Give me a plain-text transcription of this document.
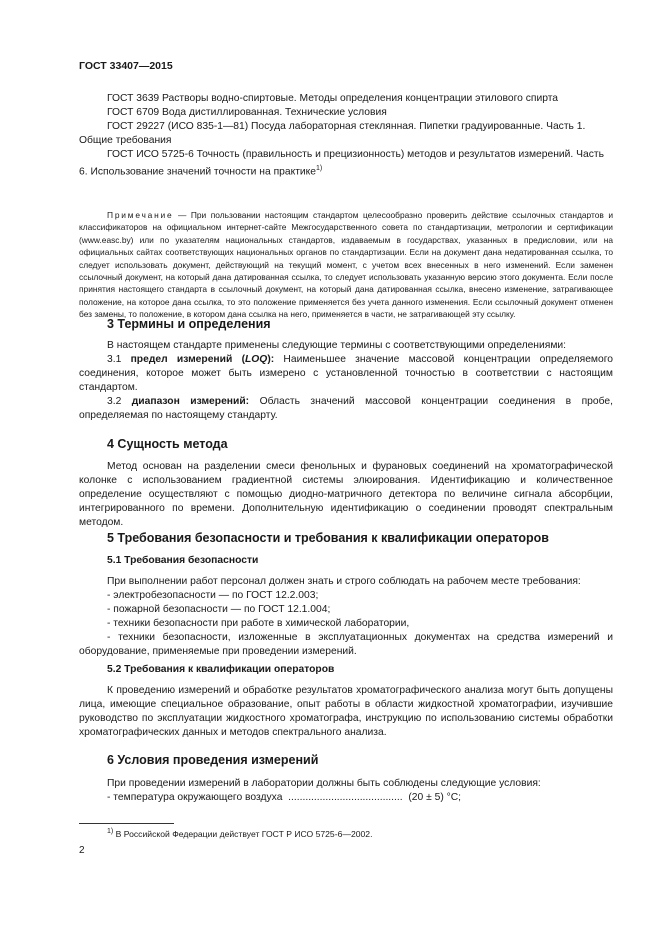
ГОСТ 33407—2015
ГОСТ 3639 Растворы водно-спиртовые. Методы определения концентрации этилового спирта
ГОСТ 6709 Вода дистиллированная. Технические условия
ГОСТ 29227 (ИСО 835-1—81) Посуда лабораторная стеклянная. Пипетки градуированные. Часть 1. Общие требования
ГОСТ ИСО 5725-6 Точность (правильность и прецизионность) методов и результатов измерений. Часть 6. Использование значений точности на практике$^{1)}$
Примечание — При пользовании настоящим стандартом целесообразно проверить действие ссылочных стандартов и классификаторов на официальном интернет-сайте Межгосударственного совета по стандартизации, метрологии и сертификации (www.easc.by) или по указателям национальных стандартов, издаваемым в государствах, указанных в предисловии, или на официальных сайтах соответствующих национальных органов по стандартизации. Если на документ дана недатированная ссылка, то следует использовать документ, действующий на текущий момент, с учетом всех внесенных в него изменений. Если заменен ссылочный документ, на который дана датированная ссылка, то следует использовать указанную версию этого документа. Если после принятия настоящего стандарта в ссылочный документ, на который дана датированная ссылка, внесено изменение, затрагивающее положение, на которое дана ссылка, то это положение применяется без учета данного изменения. Если ссылочный документ отменен без замены, то положение, в котором дана ссылка на него, применяется в части, не затрагивающей эту ссылку.
3 Термины и определения
В настоящем стандарте применены следующие термины с соответствующими определениями:
3.1 предел измерений (LOQ): Наименьшее значение массовой концентрации определяемого соединения, которое может быть измерено с установленной точностью в соответствии с настоящим стандартом.
3.2 диапазон измерений: Область значений массовой концентрации соединения в пробе, определяемая по настоящему стандарту.
4 Сущность метода
Метод основан на разделении смеси фенольных и фурановых соединений на хроматографической колонке с использованием градиентной системы элюирования. Идентификацию и количественное определение осуществляют с помощью диодно-матричного детектора по величине сигнала абсорбции, интегрированного по времени. Дополнительную идентификацию о соединении проводят спектральным методом.
5 Требования безопасности и требования к квалификации операторов
5.1 Требования безопасности
При выполнении работ персонал должен знать и строго соблюдать на рабочем месте требования:
- электробезопасности — по ГОСТ 12.2.003;
- пожарной безопасности — по ГОСТ 12.1.004;
- техники безопасности при работе в химической лаборатории,
- техники безопасности, изложенные в эксплуатационных документах на средства измерений и оборудование, применяемые при проведении измерений.
5.2 Требования к квалификации операторов
К проведению измерений и обработке результатов хроматографического анализа могут быть допущены лица, имеющие специальное образование, опыт работы в области жидкостной хроматографии, изучившие руководство по эксплуатации жидкостного хроматографа, инструкцию по использованию системы обработки хроматографических данных и методов спектрального анализа.
6 Условия проведения измерений
При проведении измерений в лаборатории должны быть соблюдены следующие условия:
- температура окружающего воздуха ........................................ (20 ± 5) °С;
$^{1)}$ В Российской Федерации действует ГОСТ Р ИСО 5725-6—2002.
2
